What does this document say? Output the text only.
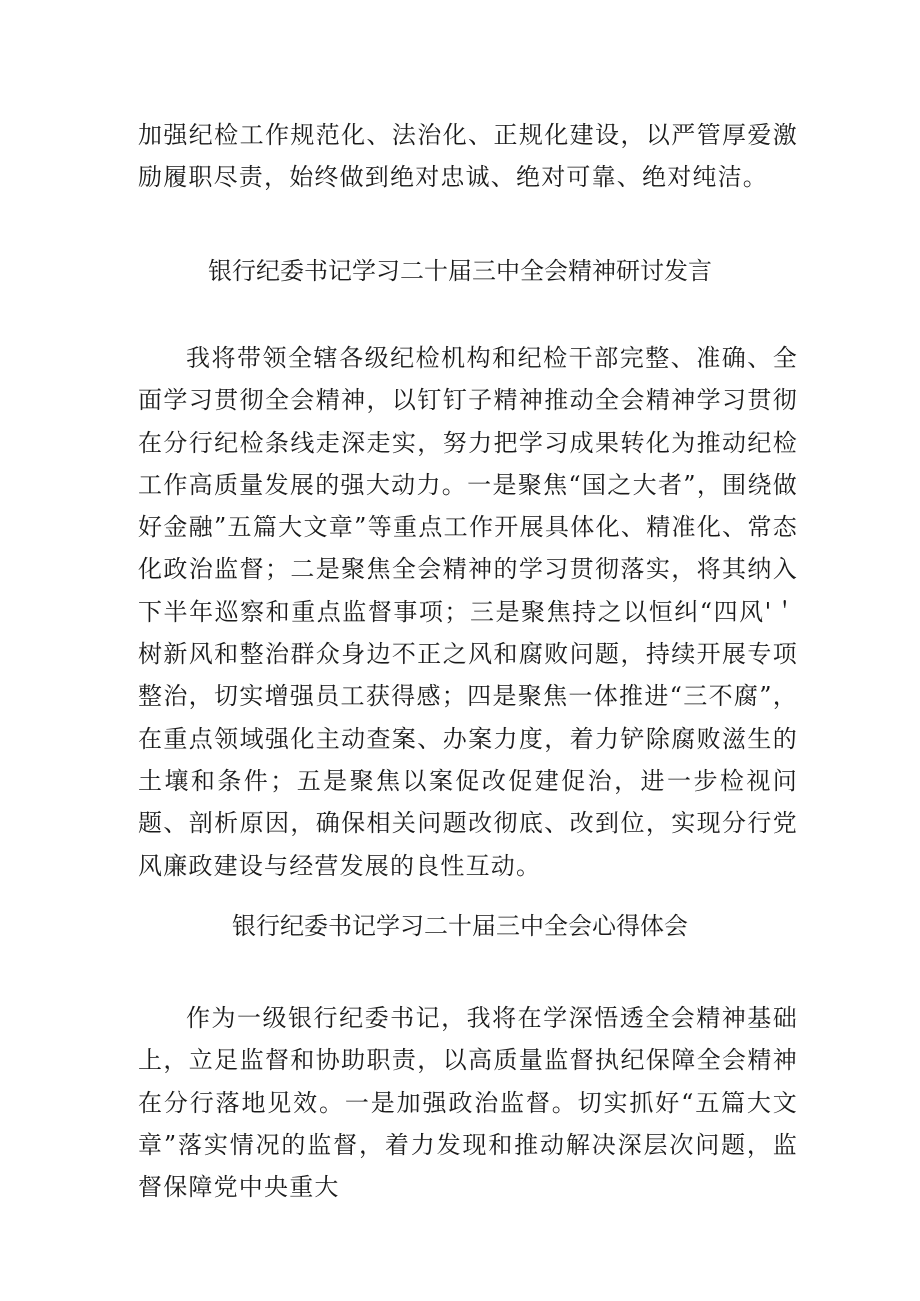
加强纪检工作规范化、法治化、正规化建设，以严管厚爱激励履职尽责，始终做到绝对忠诚、绝对可靠、绝对纯洁。

银行纪委书记学习二十届三中全会精神研讨发言

我将带领全辖各级纪检机构和纪检干部完整、准确、全面学习贯彻全会精神，以钉钉子精神推动全会精神学习贯彻在分行纪检条线走深走实，努力把学习成果转化为推动纪检工作高质量发展的强大动力。一是聚焦“国之大者”，围绕做好金融”五篇大文章”等重点工作开展具体化、精准化、常态化政治监督；二是聚焦全会精神的学习贯彻落实，将其纳入下半年巡察和重点监督事项；三是聚焦持之以恒纠“四风'＇树新风和整治群众身边不正之风和腐败问题，持续开展专项整治，切实增强员工获得感；四是聚焦一体推进“三不腐”，在重点领域强化主动查案、办案力度，着力铲除腐败滋生的土壤和条件；五是聚焦以案促改促建促治，进一步检视问题、剖析原因，确保相关问题改彻底、改到位，实现分行党风廉政建设与经营发展的良性互动。

银行纪委书记学习二十届三中全会心得体会

作为一级银行纪委书记，我将在学深悟透全会精神基础上，立足监督和协助职责，以高质量监督执纪保障全会精神在分行落地见效。一是加强政治监督。切实抓好“五篇大文章”落实情况的监督，着力发现和推动解决深层次问题，监督保障党中央重大
